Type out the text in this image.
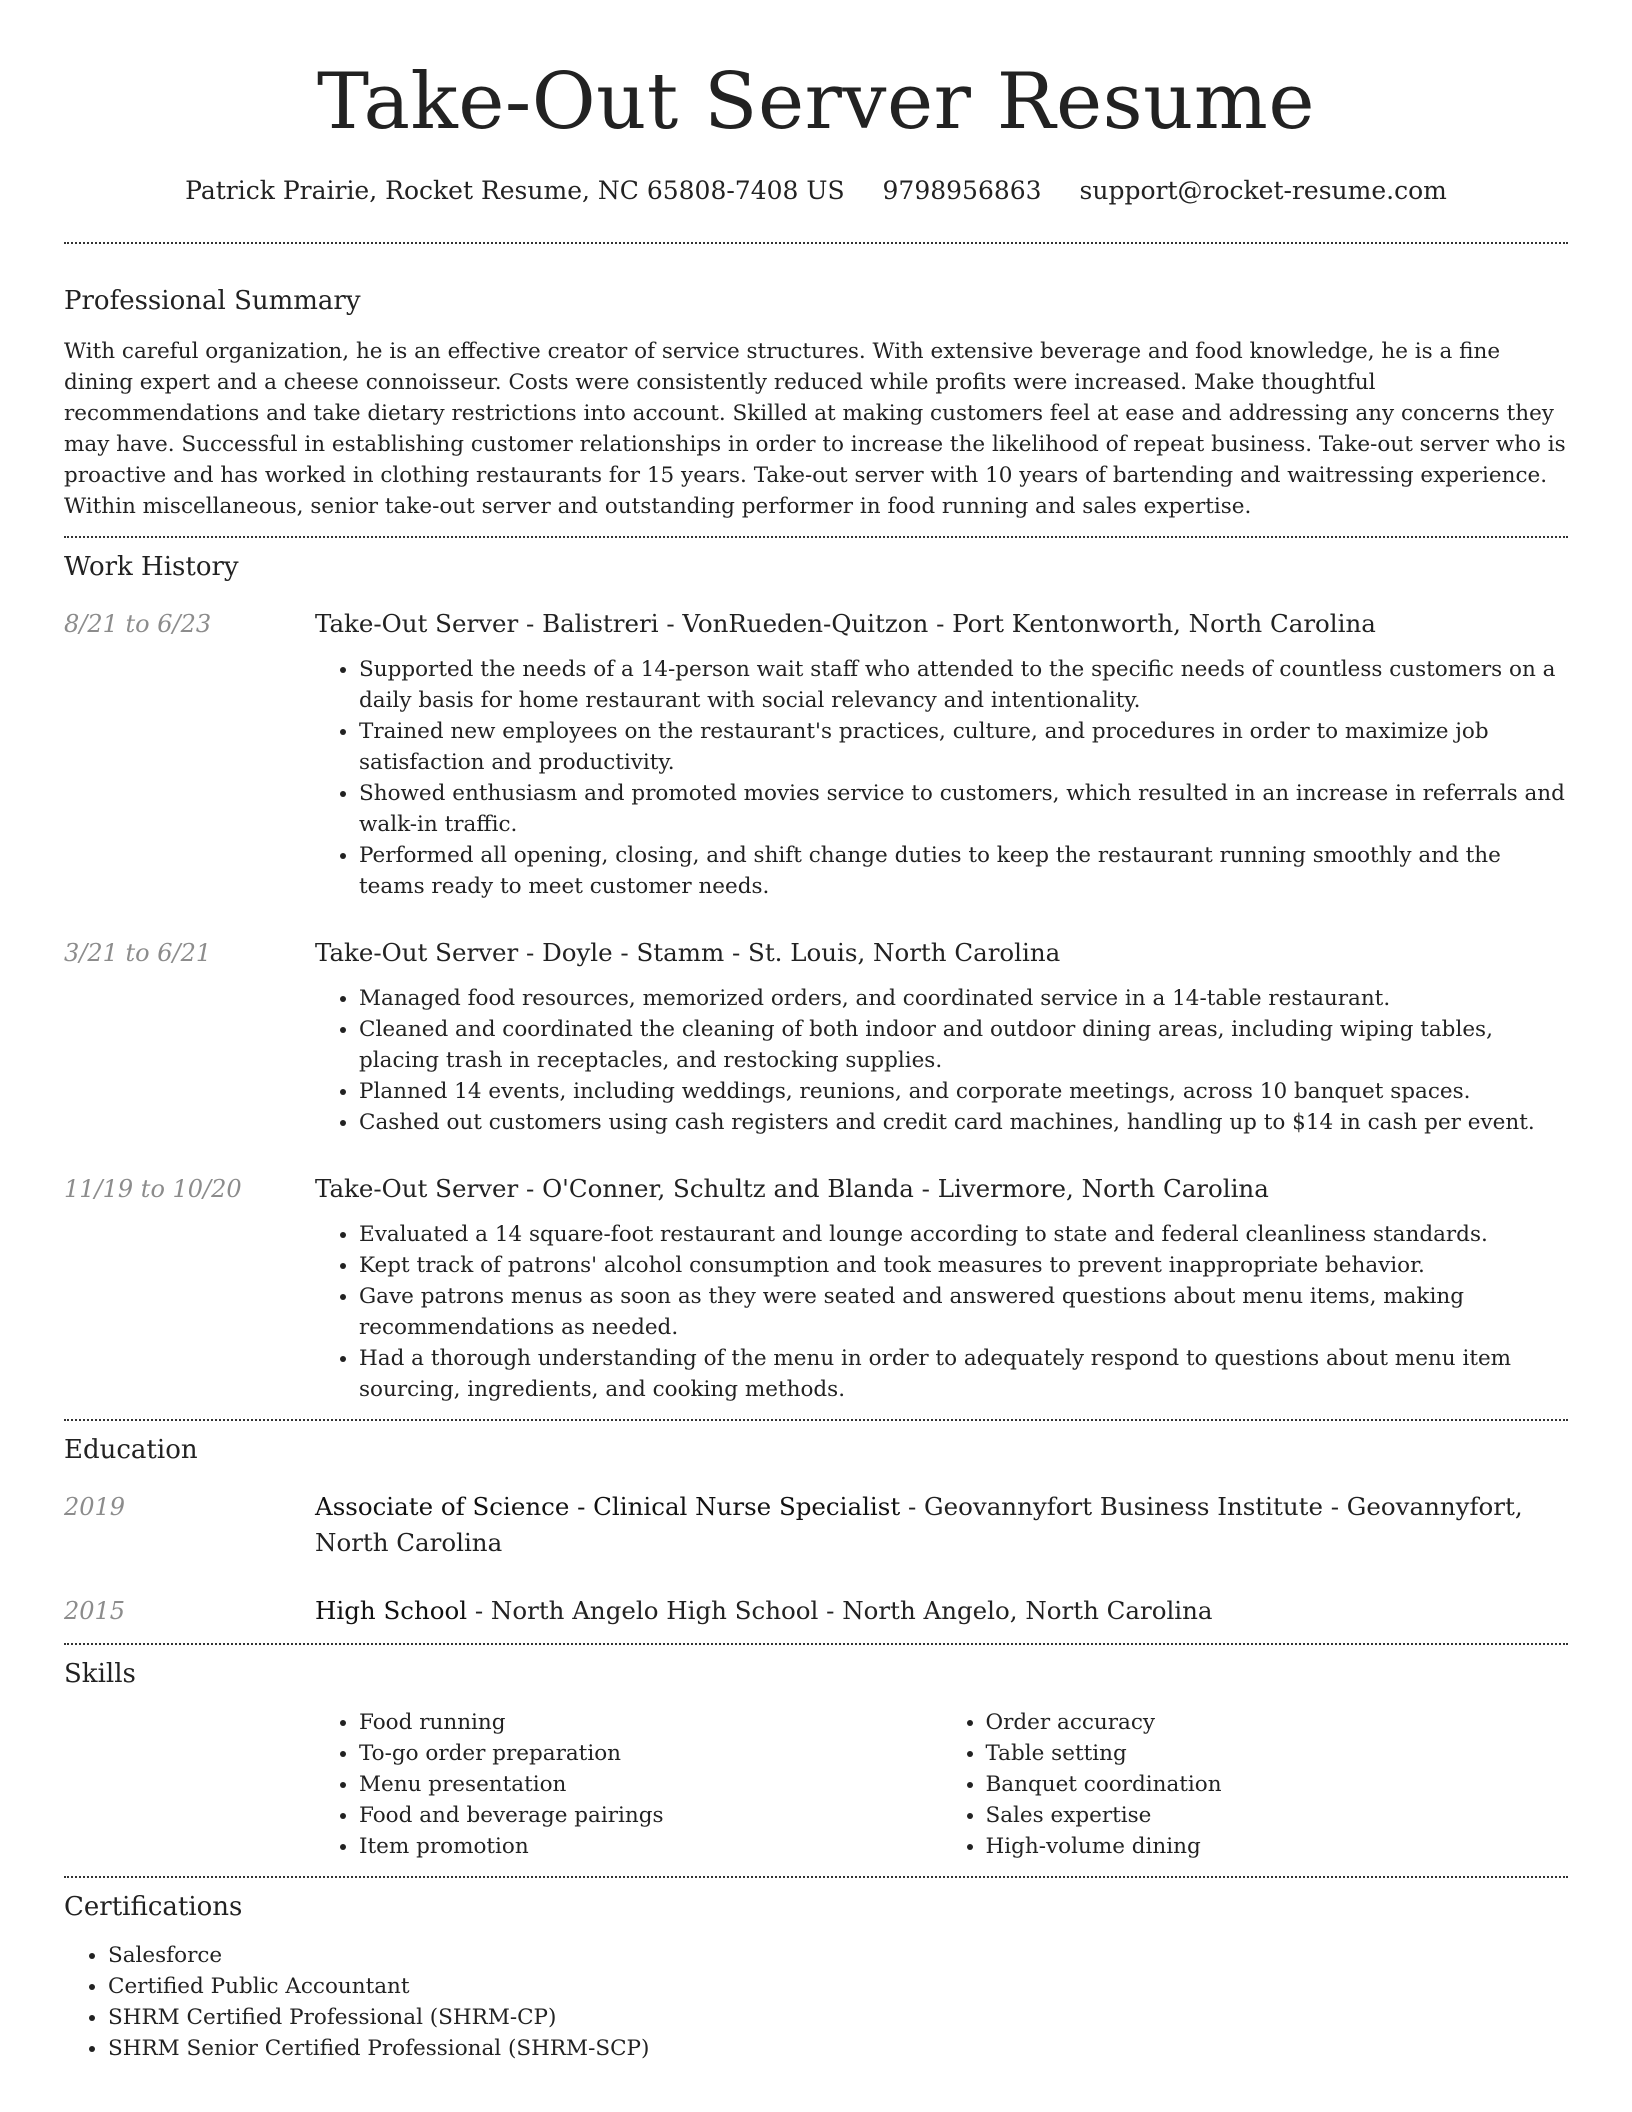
Take-Out Server Resume
Patrick Prairie, Rocket Resume, NC 65808-7408 US 9798956863 support@rocket-resume.com
Professional Summary

With careful organization, he is an effective creator of service structures. With extensive beverage and food knowledge, he is a fine dining expert and a cheese connoisseur. Costs were consistently reduced while profits were increased. Make thoughtful recommendations and take dietary restrictions into account. Skilled at making customers feel at ease and addressing any concerns they may have. Successful in establishing customer relationships in order to increase the likelihood of repeat business. Take-out server who is proactive and has worked in clothing restaurants for 15 years. Take-out server with 10 years of bartending and waitressing experience. Within miscellaneous, senior take-out server and outstanding performer in food running and sales expertise.

Work History
8/21 to 6/23	Take-Out Server - Balistreri - VonRueden-Quitzon - Port Kentonworth, North Carolina
• Supported the needs of a 14-person wait staff who attended to the specific needs of countless customers on a daily basis for home restaurant with social relevancy and intentionality.
• Trained new employees on the restaurant's practices, culture, and procedures in order to maximize job satisfaction and productivity.
• Showed enthusiasm and promoted movies service to customers, which resulted in an increase in referrals and walk-in traffic.
• Performed all opening, closing, and shift change duties to keep the restaurant running smoothly and the teams ready to meet customer needs.
3/21 to 6/21	Take-Out Server - Doyle - Stamm - St. Louis, North Carolina
• Managed food resources, memorized orders, and coordinated service in a 14-table restaurant.
• Cleaned and coordinated the cleaning of both indoor and outdoor dining areas, including wiping tables, placing trash in receptacles, and restocking supplies.
• Planned 14 events, including weddings, reunions, and corporate meetings, across 10 banquet spaces.
• Cashed out customers using cash registers and credit card machines, handling up to $14 in cash per event.
11/19 to 10/20	Take-Out Server - O'Conner, Schultz and Blanda - Livermore, North Carolina
• Evaluated a 14 square-foot restaurant and lounge according to state and federal cleanliness standards.
• Kept track of patrons' alcohol consumption and took measures to prevent inappropriate behavior.
• Gave patrons menus as soon as they were seated and answered questions about menu items, making recommendations as needed.
• Had a thorough understanding of the menu in order to adequately respond to questions about menu item sourcing, ingredients, and cooking methods.
Education
2019	Associate of Science - Clinical Nurse Specialist - Geovannyfort Business Institute - Geovannyfort, North Carolina
2015	High School - North Angelo High School - North Angelo, North Carolina
Skills
• Food running
• To-go order preparation
• Menu presentation
• Food and beverage pairings
• Item promotion
• Order accuracy
• Table setting
• Banquet coordination
• Sales expertise
• High-volume dining
Certifications
• Salesforce
• Certified Public Accountant
• SHRM Certified Professional (SHRM-CP)
• SHRM Senior Certified Professional (SHRM-SCP)
